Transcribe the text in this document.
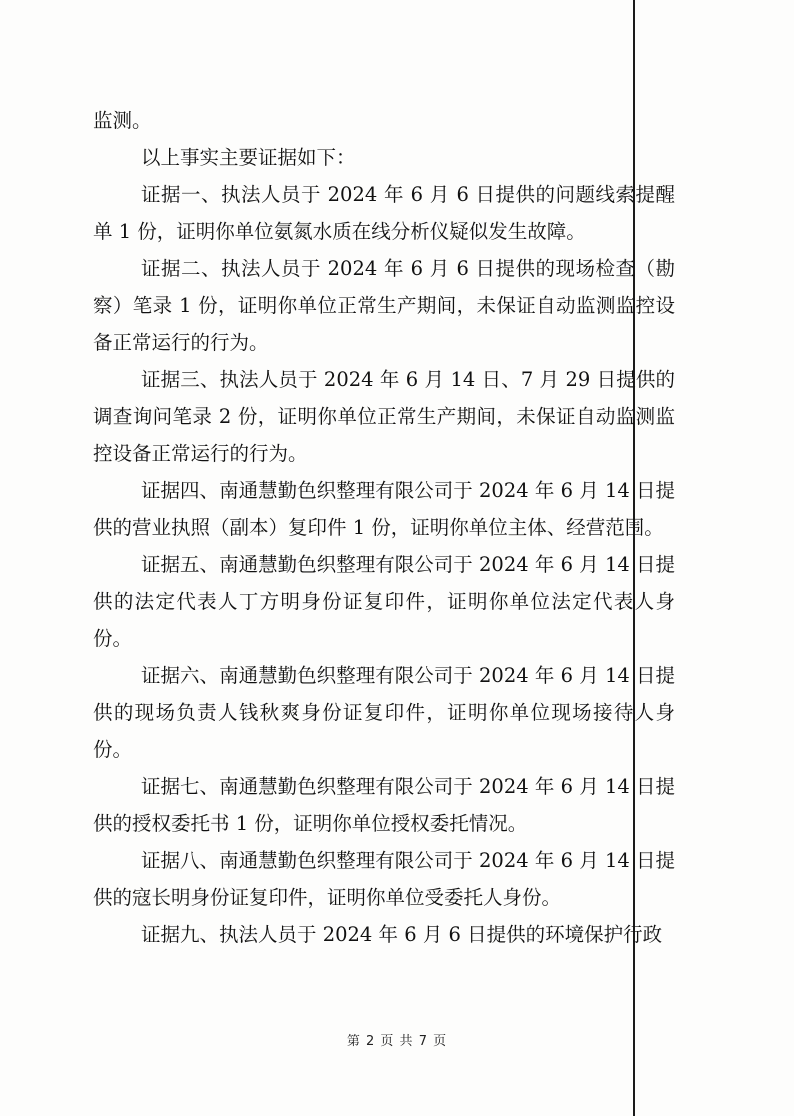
监测。

以上事实主要证据如下：

证据一、执法人员于 2024 年 6 月 6 日提供的问题线索提醒单 1 份，证明你单位氨氮水质在线分析仪疑似发生故障。

证据二、执法人员于 2024 年 6 月 6 日提供的现场检查（勘察）笔录 1 份，证明你单位正常生产期间，未保证自动监测监控设备正常运行的行为。

证据三、执法人员于 2024 年 6 月 14 日、7 月 29 日提供的调查询问笔录 2 份，证明你单位正常生产期间，未保证自动监测监控设备正常运行的行为。

证据四、南通慧勤色织整理有限公司于 2024 年 6 月 14 日提供的营业执照（副本）复印件 1 份，证明你单位主体、经营范围。

证据五、南通慧勤色织整理有限公司于 2024 年 6 月 14 日提供的法定代表人丁方明身份证复印件，证明你单位法定代表人身份。

证据六、南通慧勤色织整理有限公司于 2024 年 6 月 14 日提供的现场负责人钱秋爽身份证复印件，证明你单位现场接待人身份。

证据七、南通慧勤色织整理有限公司于 2024 年 6 月 14 日提供的授权委托书 1 份，证明你单位授权委托情况。

证据八、南通慧勤色织整理有限公司于 2024 年 6 月 14 日提供的寇长明身份证复印件，证明你单位受委托人身份。

证据九、执法人员于 2024 年 6 月 6 日提供的环境保护行政

第 2 页 共 7 页
